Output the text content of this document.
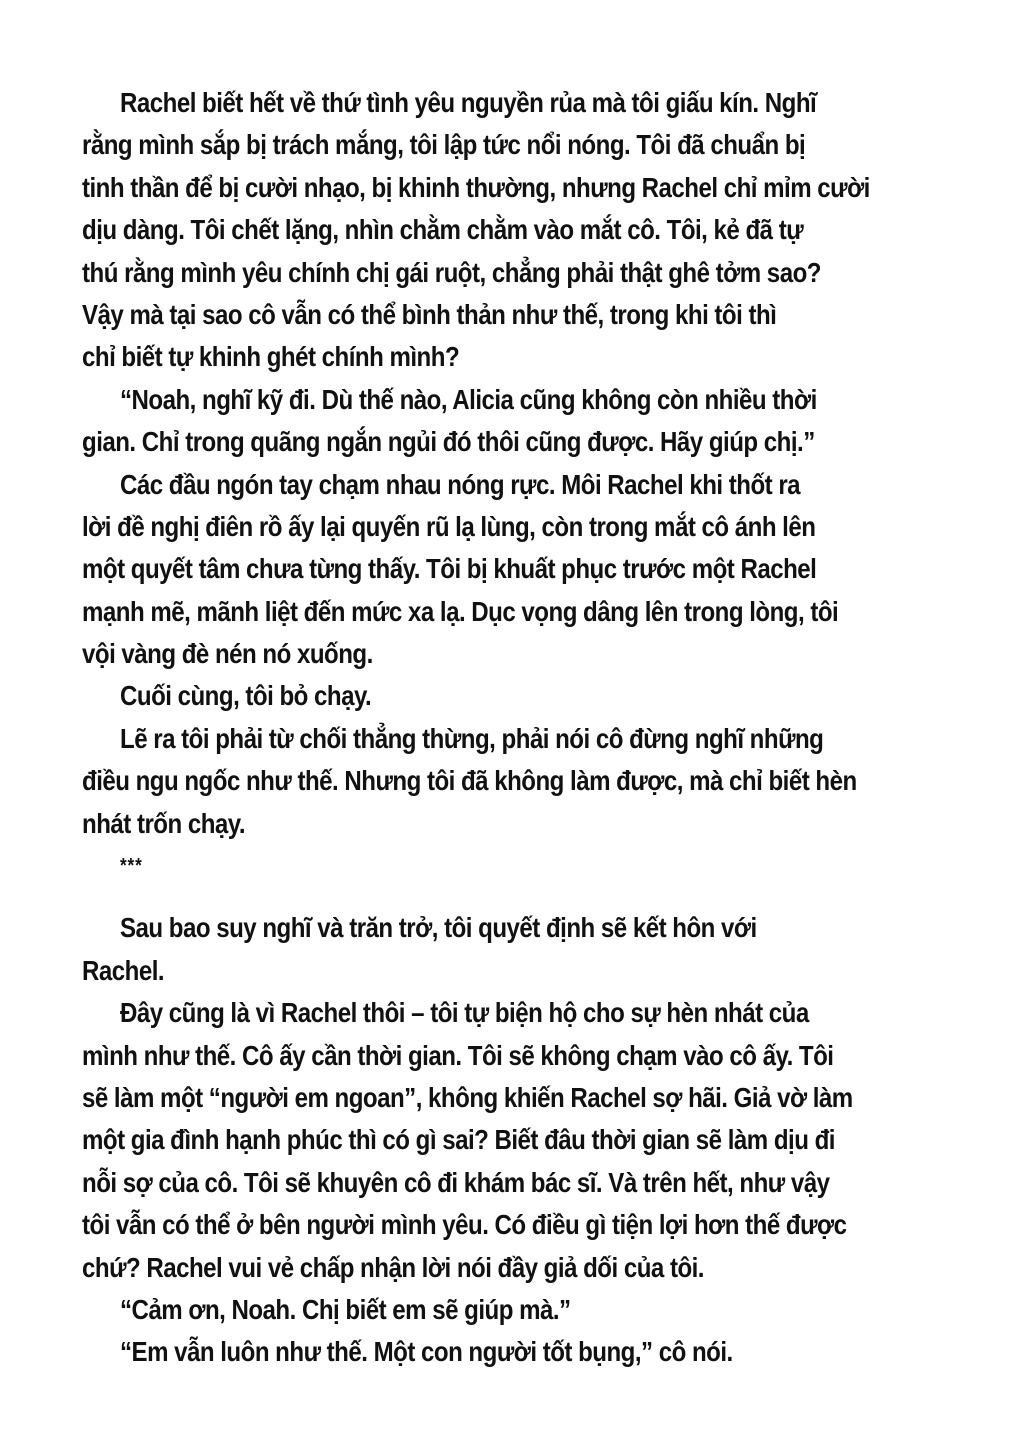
Rachel biết hết về thứ tình yêu nguyền rủa mà tôi giấu kín. Nghĩ
rằng mình sắp bị trách mắng, tôi lập tức nổi nóng. Tôi đã chuẩn bị
tinh thần để bị cười nhạo, bị khinh thường, nhưng Rachel chỉ mỉm cười
dịu dàng. Tôi chết lặng, nhìn chằm chằm vào mắt cô. Tôi, kẻ đã tự
thú rằng mình yêu chính chị gái ruột, chẳng phải thật ghê tởm sao?
Vậy mà tại sao cô vẫn có thể bình thản như thế, trong khi tôi thì
chỉ biết tự khinh ghét chính mình?
“Noah, nghĩ kỹ đi. Dù thế nào, Alicia cũng không còn nhiều thời
gian. Chỉ trong quãng ngắn ngủi đó thôi cũng được. Hãy giúp chị.”
Các đầu ngón tay chạm nhau nóng rực. Môi Rachel khi thốt ra
lời đề nghị điên rồ ấy lại quyến rũ lạ lùng, còn trong mắt cô ánh lên
một quyết tâm chưa từng thấy. Tôi bị khuất phục trước một Rachel
mạnh mẽ, mãnh liệt đến mức xa lạ. Dục vọng dâng lên trong lòng, tôi
vội vàng đè nén nó xuống.
Cuối cùng, tôi bỏ chạy.
Lẽ ra tôi phải từ chối thẳng thừng, phải nói cô đừng nghĩ những
điều ngu ngốc như thế. Nhưng tôi đã không làm được, mà chỉ biết hèn
nhát trốn chạy.
***
Sau bao suy nghĩ và trăn trở, tôi quyết định sẽ kết hôn với
Rachel.
Đây cũng là vì Rachel thôi – tôi tự biện hộ cho sự hèn nhát của
mình như thế. Cô ấy cần thời gian. Tôi sẽ không chạm vào cô ấy. Tôi
sẽ làm một “người em ngoan”, không khiến Rachel sợ hãi. Giả vờ làm
một gia đình hạnh phúc thì có gì sai? Biết đâu thời gian sẽ làm dịu đi
nỗi sợ của cô. Tôi sẽ khuyên cô đi khám bác sĩ. Và trên hết, như vậy
tôi vẫn có thể ở bên người mình yêu. Có điều gì tiện lợi hơn thế được
chứ? Rachel vui vẻ chấp nhận lời nói đầy giả dối của tôi.
“Cảm ơn, Noah. Chị biết em sẽ giúp mà.”
“Em vẫn luôn như thế. Một con người tốt bụng,” cô nói.
